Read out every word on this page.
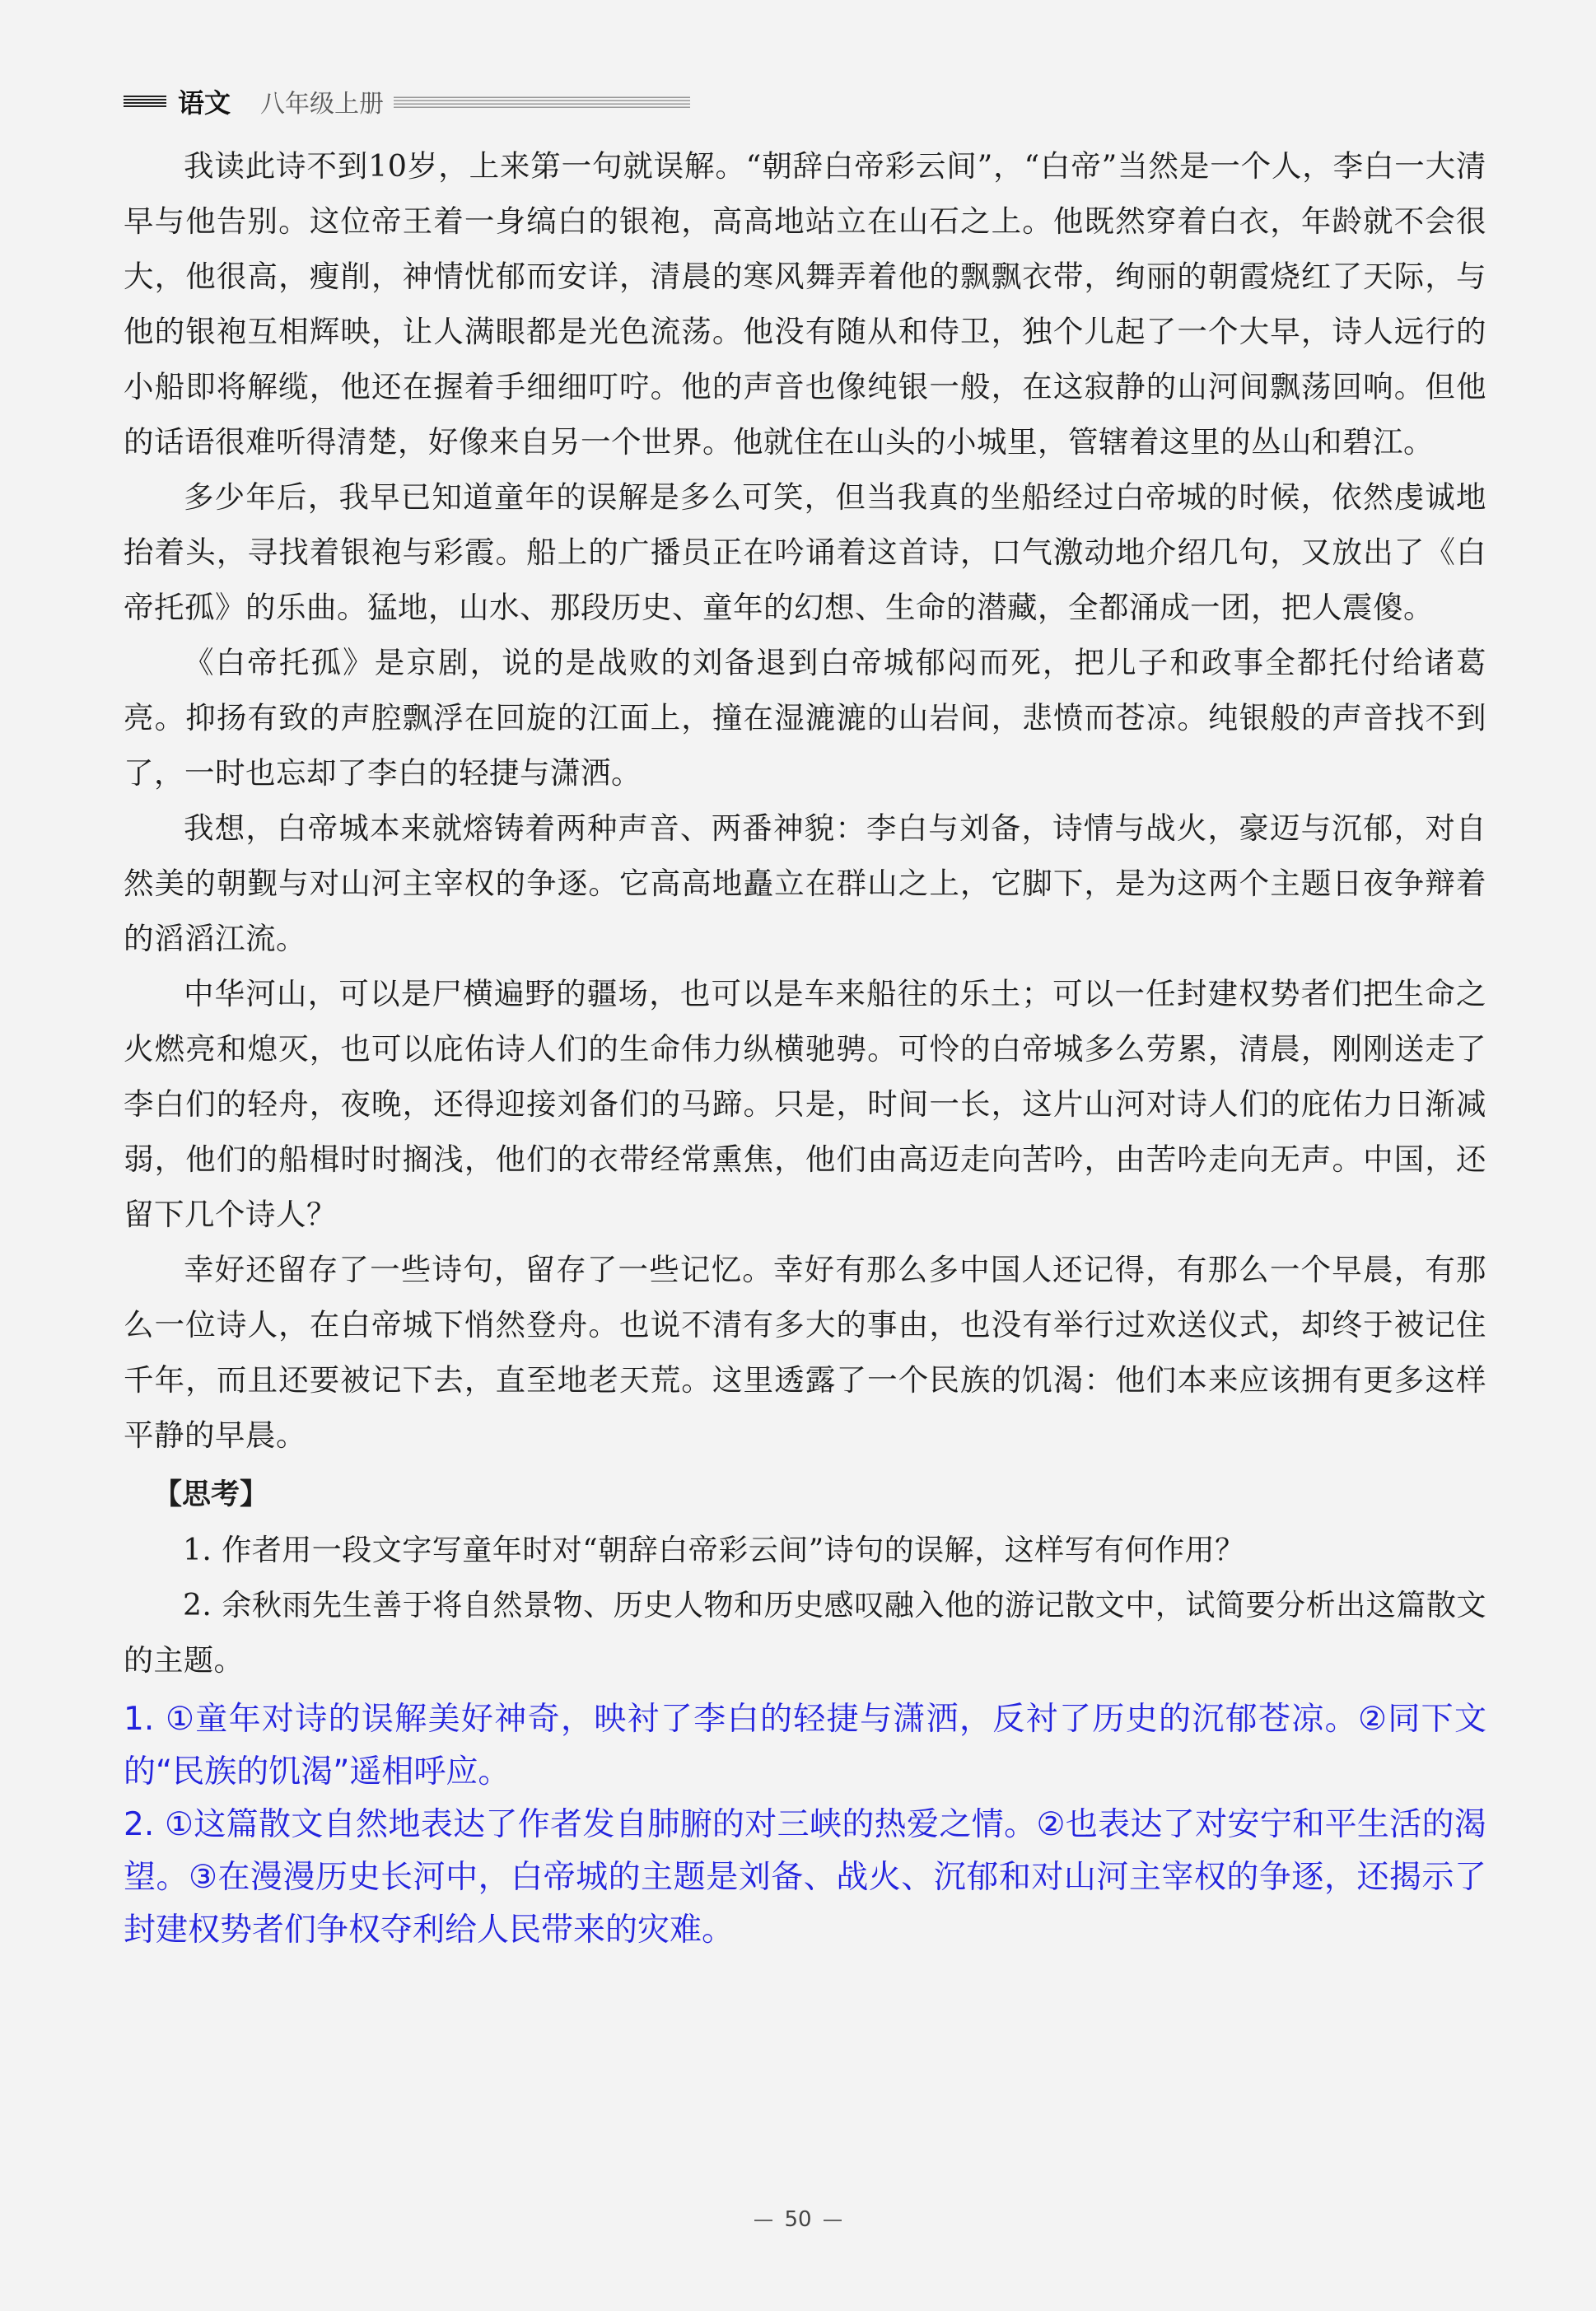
语文 八年级上册

我读此诗不到10岁，上来第一句就误解。“朝辞白帝彩云间”，“白帝”当然是一个人，李白一大清早与他告别。这位帝王着一身缟白的银袍，高高地站立在山石之上。他既然穿着白衣，年龄就不会很大，他很高，瘦削，神情忧郁而安详，清晨的寒风舞弄着他的飘飘衣带，绚丽的朝霞烧红了天际，与他的银袍互相辉映，让人满眼都是光色流荡。他没有随从和侍卫，独个儿起了一个大早，诗人远行的小船即将解缆，他还在握着手细细叮咛。他的声音也像纯银一般，在这寂静的山河间飘荡回响。但他的话语很难听得清楚，好像来自另一个世界。他就住在山头的小城里，管辖着这里的丛山和碧江。

多少年后，我早已知道童年的误解是多么可笑，但当我真的坐船经过白帝城的时候，依然虔诚地抬着头，寻找着银袍与彩霞。船上的广播员正在吟诵着这首诗，口气激动地介绍几句，又放出了《白帝托孤》的乐曲。猛地，山水、那段历史、童年的幻想、生命的潜藏，全都涌成一团，把人震傻。

《白帝托孤》是京剧，说的是战败的刘备退到白帝城郁闷而死，把儿子和政事全都托付给诸葛亮。抑扬有致的声腔飘浮在回旋的江面上，撞在湿漉漉的山岩间，悲愤而苍凉。纯银般的声音找不到了，一时也忘却了李白的轻捷与潇洒。

我想，白帝城本来就熔铸着两种声音、两番神貌：李白与刘备，诗情与战火，豪迈与沉郁，对自然美的朝觐与对山河主宰权的争逐。它高高地矗立在群山之上，它脚下，是为这两个主题日夜争辩着的滔滔江流。

中华河山，可以是尸横遍野的疆场，也可以是车来船往的乐土；可以一任封建权势者们把生命之火燃亮和熄灭，也可以庇佑诗人们的生命伟力纵横驰骋。可怜的白帝城多么劳累，清晨，刚刚送走了李白们的轻舟，夜晚，还得迎接刘备们的马蹄。只是，时间一长，这片山河对诗人们的庇佑力日渐减弱，他们的船楫时时搁浅，他们的衣带经常熏焦，他们由高迈走向苦吟，由苦吟走向无声。中国，还留下几个诗人？

幸好还留存了一些诗句，留存了一些记忆。幸好有那么多中国人还记得，有那么一个早晨，有那么一位诗人，在白帝城下悄然登舟。也说不清有多大的事由，也没有举行过欢送仪式，却终于被记住千年，而且还要被记下去，直至地老天荒。这里透露了一个民族的饥渴：他们本来应该拥有更多这样平静的早晨。

【思考】

1. 作者用一段文字写童年时对“朝辞白帝彩云间”诗句的误解，这样写有何作用？

2. 余秋雨先生善于将自然景物、历史人物和历史感叹融入他的游记散文中，试简要分析出这篇散文的主题。

1. ①童年对诗的误解美好神奇，映衬了李白的轻捷与潇洒，反衬了历史的沉郁苍凉。②同下文的“民族的饥渴”遥相呼应。

2. ①这篇散文自然地表达了作者发自肺腑的对三峡的热爱之情。②也表达了对安宁和平生活的渴望。③在漫漫历史长河中，白帝城的主题是刘备、战火、沉郁和对山河主宰权的争逐，还揭示了封建权势者们争权夺利给人民带来的灾难。

50
